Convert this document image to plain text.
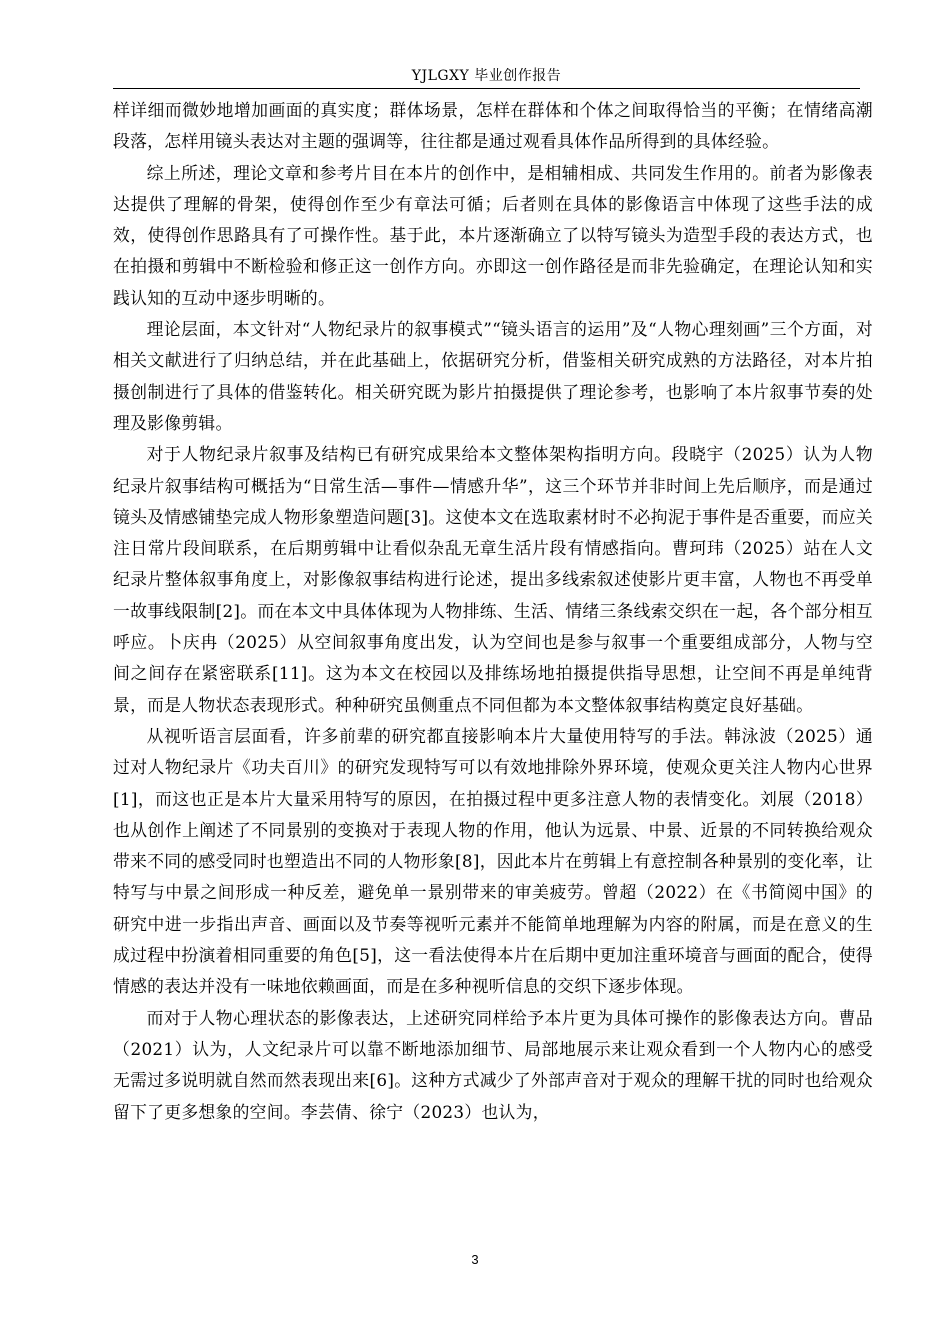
YJLGXY 毕业创作报告

样详细而微妙地增加画面的真实度；群体场景，怎样在群体和个体之间取得恰当的平衡；在情绪高潮段落，怎样用镜头表达对主题的强调等，往往都是通过观看具体作品所得到的具体经验。

综上所述，理论文章和参考片目在本片的创作中，是相辅相成、共同发生作用的。前者为影像表达提供了理解的骨架，使得创作至少有章法可循；后者则在具体的影像语言中体现了这些手法的成效，使得创作思路具有了可操作性。基于此，本片逐渐确立了以特写镜头为造型手段的表达方式，也在拍摄和剪辑中不断检验和修正这一创作方向。亦即这一创作路径是而非先验确定，在理论认知和实践认知的互动中逐步明晰的。

理论层面，本文针对“人物纪录片的叙事模式”“镜头语言的运用”及“人物心理刻画”三个方面，对相关文献进行了归纳总结，并在此基础上，依据研究分析，借鉴相关研究成熟的方法路径，对本片拍摄创制进行了具体的借鉴转化。相关研究既为影片拍摄提供了理论参考，也影响了本片叙事节奏的处理及影像剪辑。

对于人物纪录片叙事及结构已有研究成果给本文整体架构指明方向。段晓宇（2025）认为人物纪录片叙事结构可概括为“日常生活—事件—情感升华”，这三个环节并非时间上先后顺序，而是通过镜头及情感铺垫完成人物形象塑造问题[3]。这使本文在选取素材时不必拘泥于事件是否重要，而应关注日常片段间联系，在后期剪辑中让看似杂乱无章生活片段有情感指向。曹珂玮（2025）站在人文纪录片整体叙事角度上，对影像叙事结构进行论述，提出多线索叙述使影片更丰富，人物也不再受单一故事线限制[2]。而在本文中具体体现为人物排练、生活、情绪三条线索交织在一起，各个部分相互呼应。卜庆冉（2025）从空间叙事角度出发，认为空间也是参与叙事一个重要组成部分，人物与空间之间存在紧密联系[11]。这为本文在校园以及排练场地拍摄提供指导思想，让空间不再是单纯背景，而是人物状态表现形式。种种研究虽侧重点不同但都为本文整体叙事结构奠定良好基础。

从视听语言层面看，许多前辈的研究都直接影响本片大量使用特写的手法。韩泳波（2025）通过对人物纪录片《功夫百川》的研究发现特写可以有效地排除外界环境，使观众更关注人物内心世界[1]，而这也正是本片大量采用特写的原因，在拍摄过程中更多注意人物的表情变化。刘展（2018）也从创作上阐述了不同景别的变换对于表现人物的作用，他认为远景、中景、近景的不同转换给观众带来不同的感受同时也塑造出不同的人物形象[8]，因此本片在剪辑上有意控制各种景别的变化率，让特写与中景之间形成一种反差，避免单一景别带来的审美疲劳。曾超（2022）在《书简阅中国》的研究中进一步指出声音、画面以及节奏等视听元素并不能简单地理解为内容的附属，而是在意义的生成过程中扮演着相同重要的角色[5]，这一看法使得本片在后期中更加注重环境音与画面的配合，使得情感的表达并没有一味地依赖画面，而是在多种视听信息的交织下逐步体现。

而对于人物心理状态的影像表达，上述研究同样给予本片更为具体可操作的影像表达方向。曹品（2021）认为，人文纪录片可以靠不断地添加细节、局部地展示来让观众看到一个人物内心的感受无需过多说明就自然而然表现出来[6]。这种方式减少了外部声音对于观众的理解干扰的同时也给观众留下了更多想象的空间。李芸倩、徐宁（2023）也认为，

3
